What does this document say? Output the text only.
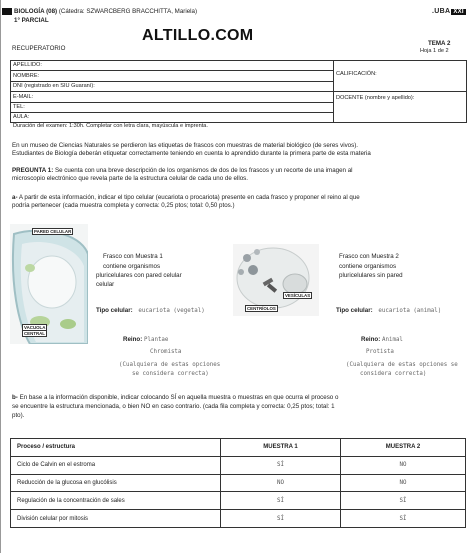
BIOLOGÍA (08) (Cátedra: SZWARCBERG BRACCHITTA, Mariela)
1° PARCIAL
.UBA XXI
ALTILLO.COM
RECUPERATORIO
TEMA 2
Hoja 1 de 2
APELLIDO:	CALIFICACIÓN:
NOMBRE:	
DNI (registrado en SIU Guaraní):	
E-MAIL:	DOCENTE (nombre y apellido):
TEL:	
AULA:	
Duración del examen: 1:30h. Completar con letra clara, mayúscula e imprenta.
En un museo de Ciencias Naturales se perdieron las etiquetas de frascos con muestras de material biológico (de seres vivos).
Estudiantes de Biología deberán etiquetar correctamente teniendo en cuenta lo aprendido durante la primera parte de esta materia
PREGUNTA 1: Se cuenta con una breve descripción de los organismos de dos de los frascos y un recorte de una imagen al
microscopio electrónico que revela parte de la estructura celular de cada uno de ellos.
a- A partir de esta información, indicar el tipo celular (eucariota o procariota) presente en cada frasco y proponer el reino al que
podría pertenecer (cada muestra completa y correcta: 0,25 ptos; total: 0,50 ptos.)
PARED CELULAR
VACUOLA
CENTRAL
VESÍCULAS
CENTRÍOLOS
Frasco con Muestra 1
contiene organismos
pluricelulares con pared celular
celular
Tipo celular: eucariota (vegetal)
Reino: Plantae
Chromista
(Cualquiera de estas opciones
se considera correcta)
Frasco con Muestra 2
contiene organismos
pluricelulares sin pared
Tipo celular: eucariota (animal)
Reino: Animal
Protista
(Cualquiera de estas opciones se
considera correcta)
b- En base a la información disponible, indicar colocando SÍ en aquella muestra o muestras en que ocurra el proceso o
se encuentre la estructura mencionada, o bien NO en caso contrario. (cada fila completa y correcta: 0,25 ptos; total: 1
pto).
Proceso / estructura	MUESTRA 1	MUESTRA 2
Ciclo de Calvin en el estroma	SÍ	NO
Reducción de la glucosa en glucólisis	NO	NO
Regulación de la concentración de sales	SÍ	SÍ
División celular por mitosis	SÍ	SÍ
